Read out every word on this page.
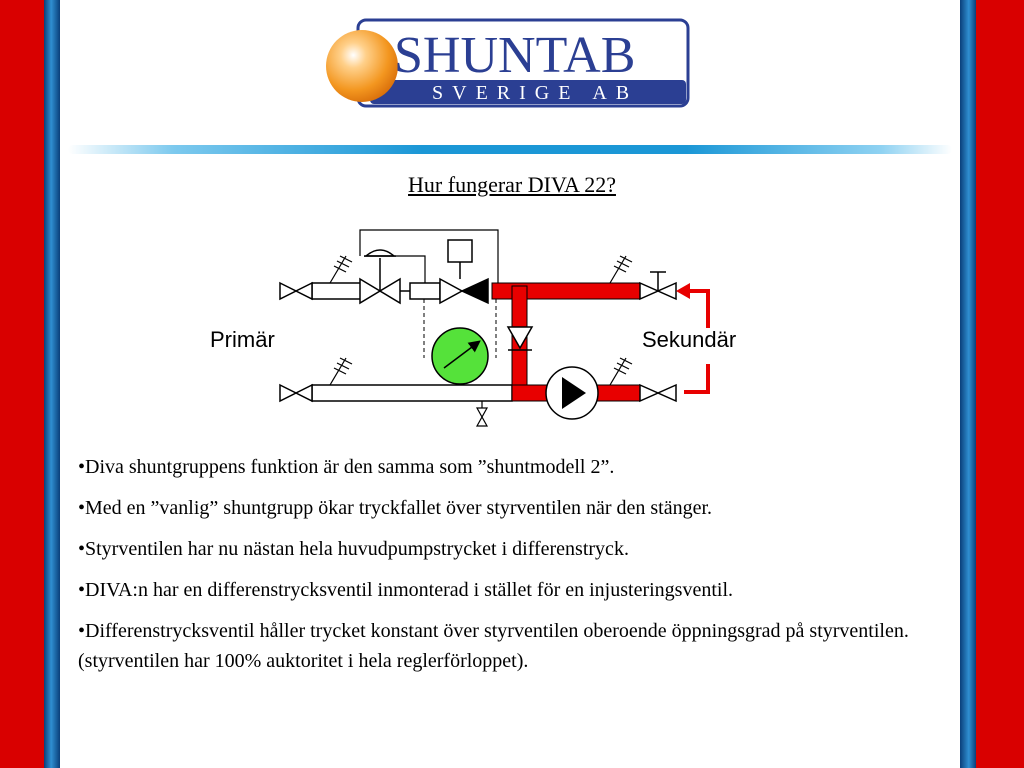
SHUNTAB
SVERIGE AB
Hur fungerar DIVA 22?
Primär	Sekundär

•Diva shuntgruppens funktion är den samma som ”shuntmodell 2”.

•Med en ”vanlig” shuntgrupp ökar tryckfallet över styrventilen när den stänger.

•Styrventilen har nu nästan hela huvudpumpstrycket i differenstryck.

•DIVA:n har en differenstrycksventil inmonterad i stället för en injusteringsventil.

•Differenstrycksventil håller trycket konstant över styrventilen oberoende öppningsgrad på styrventilen. (styrventilen har 100% auktoritet i hela reglerförloppet).
